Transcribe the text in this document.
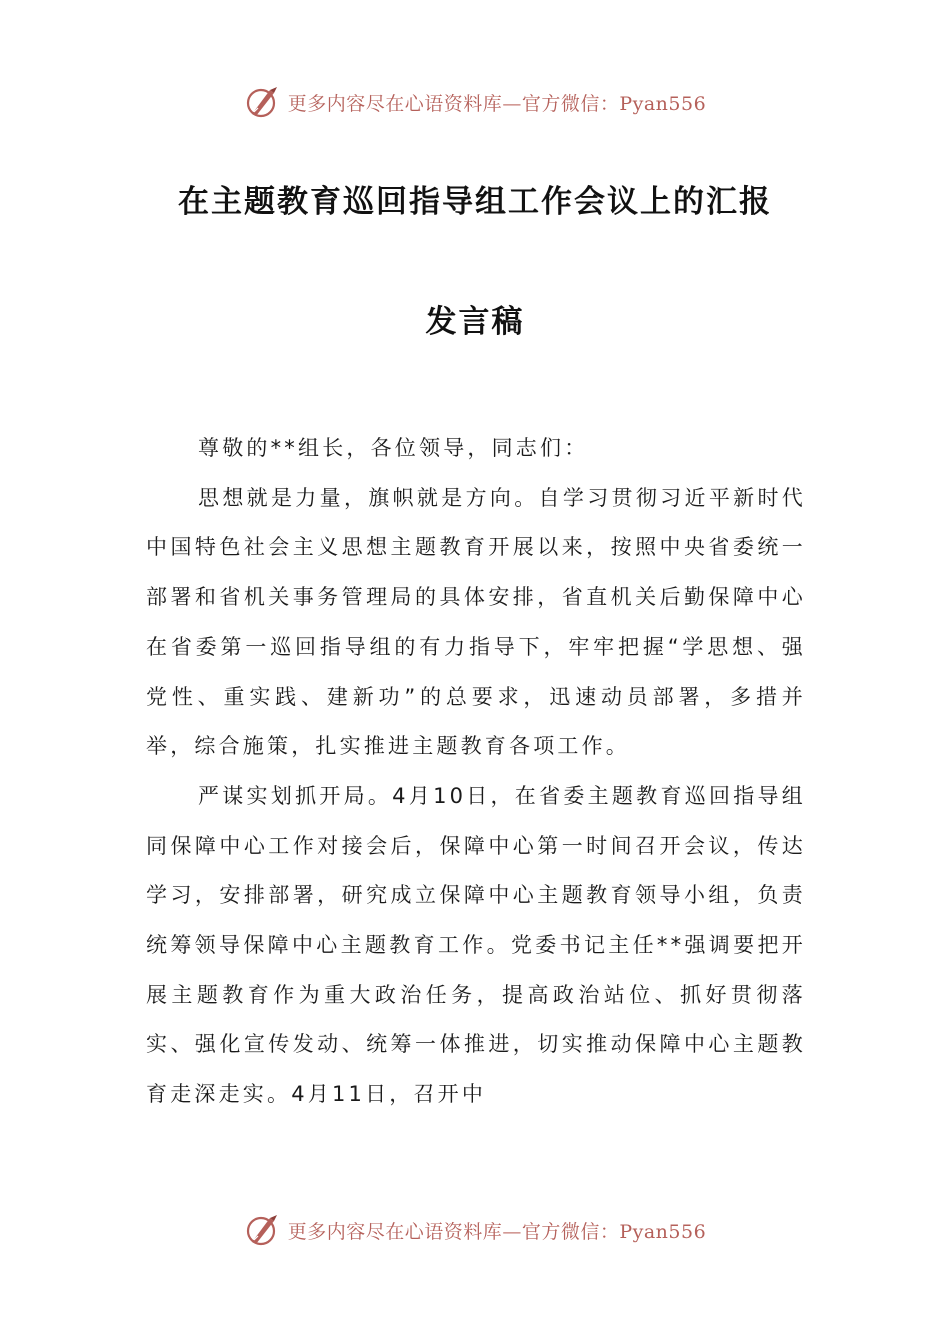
更多内容尽在心语资料库—官方微信：Pyan556
在主题教育巡回指导组工作会议上的汇报
发言稿

尊敬的**组长，各位领导，同志们：

思想就是力量，旗帜就是方向。自学习贯彻习近平新时代中国特色社会主义思想主题教育开展以来，按照中央省委统一部署和省机关事务管理局的具体安排，省直机关后勤保障中心在省委第一巡回指导组的有力指导下，牢牢把握“学思想、强党性、重实践、建新功”的总要求，迅速动员部署，多措并举，综合施策，扎实推进主题教育各项工作。

严谋实划抓开局。4月10日，在省委主题教育巡回指导组同保障中心工作对接会后，保障中心第一时间召开会议，传达学习，安排部署，研究成立保障中心主题教育领导小组，负责统筹领导保障中心主题教育工作。党委书记主任**强调要把开展主题教育作为重大政治任务，提高政治站位、抓好贯彻落实、强化宣传发动、统筹一体推进，切实推动保障中心主题教育走深走实。4月11日，召开中

更多内容尽在心语资料库—官方微信：Pyan556
